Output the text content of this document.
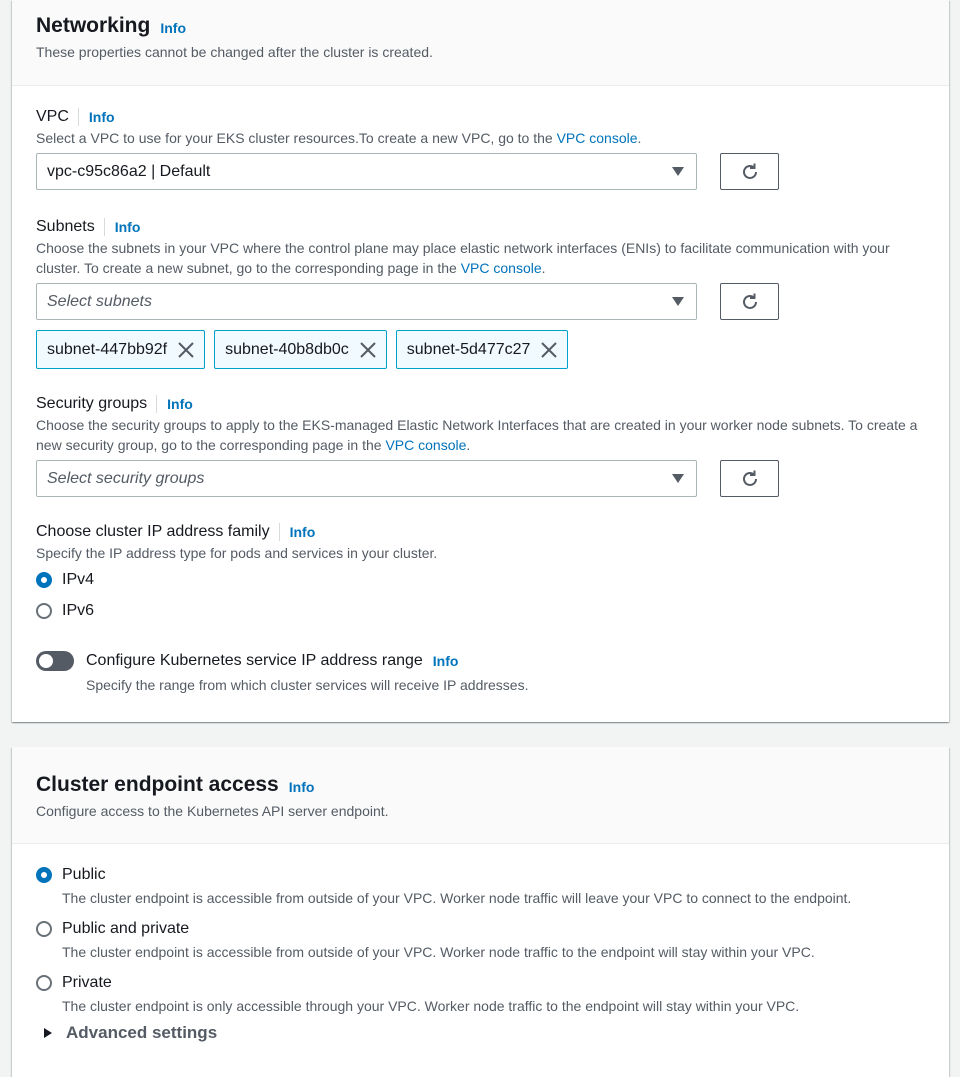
Networking Info
These properties cannot be changed after the cluster is created.
VPC Info
Select a VPC to use for your EKS cluster resources.To create a new VPC, go to the VPC console.
vpc-c95c86a2 | Default
Subnets Info
Choose the subnets in your VPC where the control plane may place elastic network interfaces (ENIs) to facilitate communication with your cluster. To create a new subnet, go to the corresponding page in the VPC console.
Select subnets
subnet-447bb92f	subnet-40b8db0c	subnet-5d477c27
Security groups Info
Choose the security groups to apply to the EKS-managed Elastic Network Interfaces that are created in your worker node subnets. To create a new security group, go to the corresponding page in the VPC console.
Select security groups
Choose cluster IP address family Info
Specify the IP address type for pods and services in your cluster.
IPv4
IPv6
Configure Kubernetes service IP address range Info
Specify the range from which cluster services will receive IP addresses.
Cluster endpoint access Info
Configure access to the Kubernetes API server endpoint.
Public
The cluster endpoint is accessible from outside of your VPC. Worker node traffic will leave your VPC to connect to the endpoint.
Public and private
The cluster endpoint is accessible from outside of your VPC. Worker node traffic to the endpoint will stay within your VPC.
Private
The cluster endpoint is only accessible through your VPC. Worker node traffic to the endpoint will stay within your VPC.
Advanced settings
